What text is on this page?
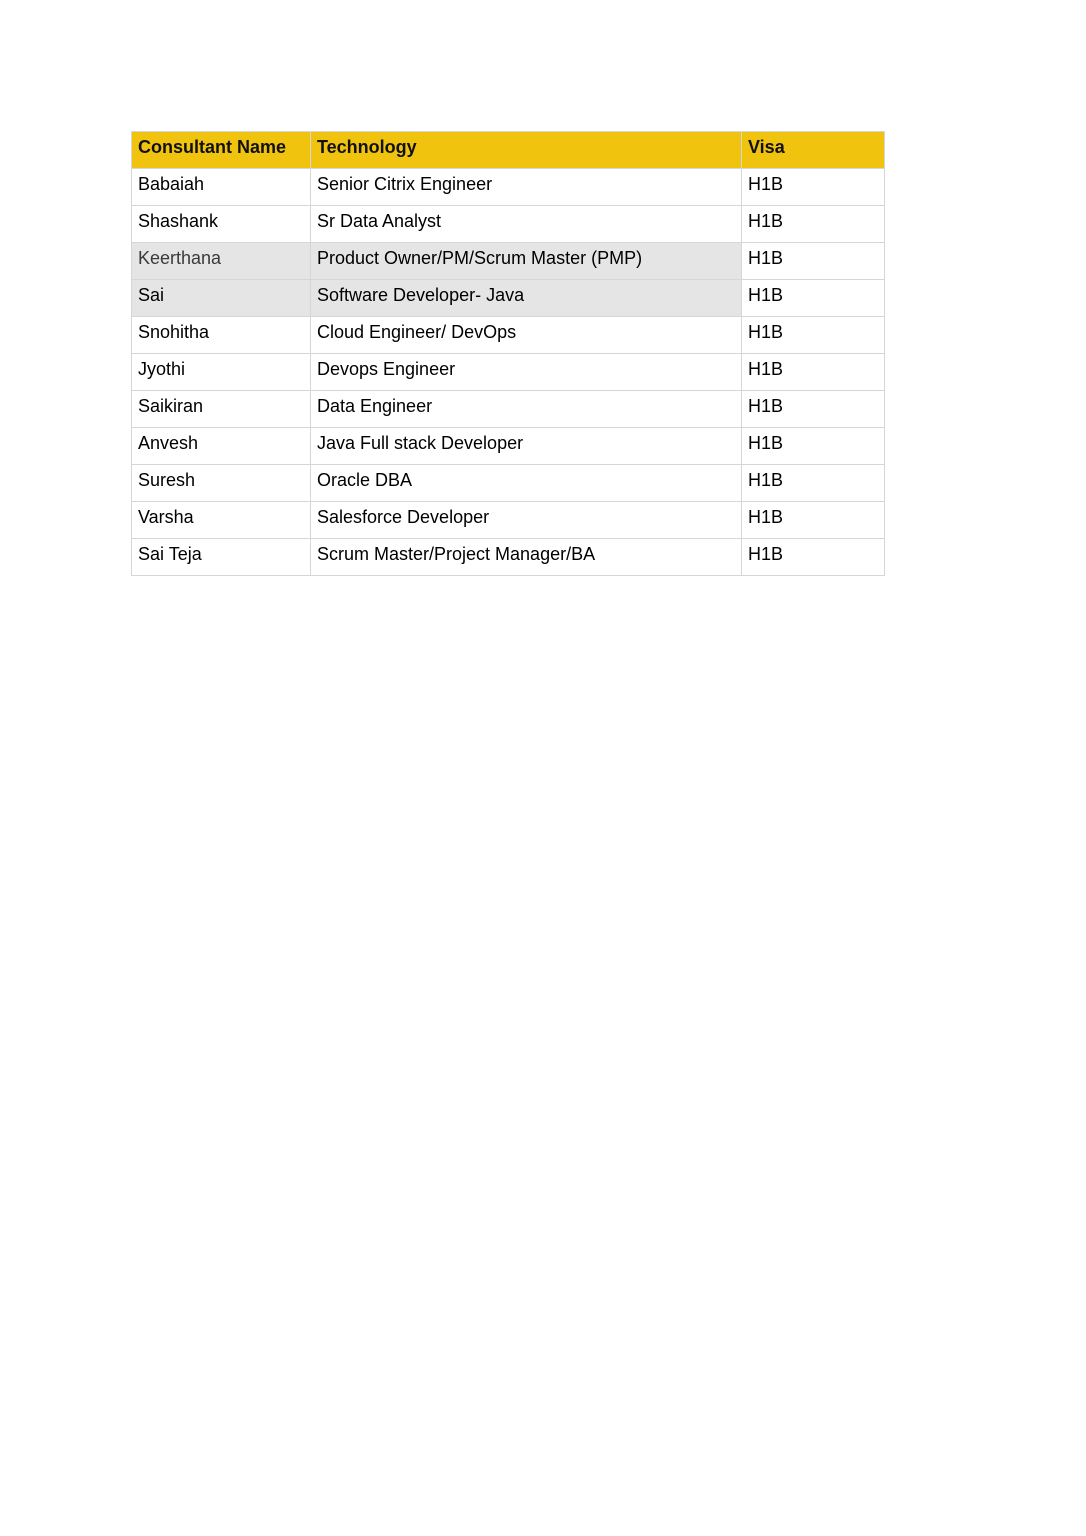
Consultant Name	Technology	Visa
Babaiah	Senior Citrix Engineer	H1B
Shashank	Sr Data Analyst	H1B
Keerthana	Product Owner/PM/Scrum Master (PMP)	H1B
Sai	Software Developer- Java	H1B
Snohitha	Cloud Engineer/ DevOps	H1B
Jyothi	Devops Engineer	H1B
Saikiran	Data Engineer	H1B
Anvesh	Java Full stack Developer	H1B
Suresh	Oracle DBA	H1B
Varsha	Salesforce Developer	H1B
Sai Teja	Scrum Master/Project Manager/BA	H1B
